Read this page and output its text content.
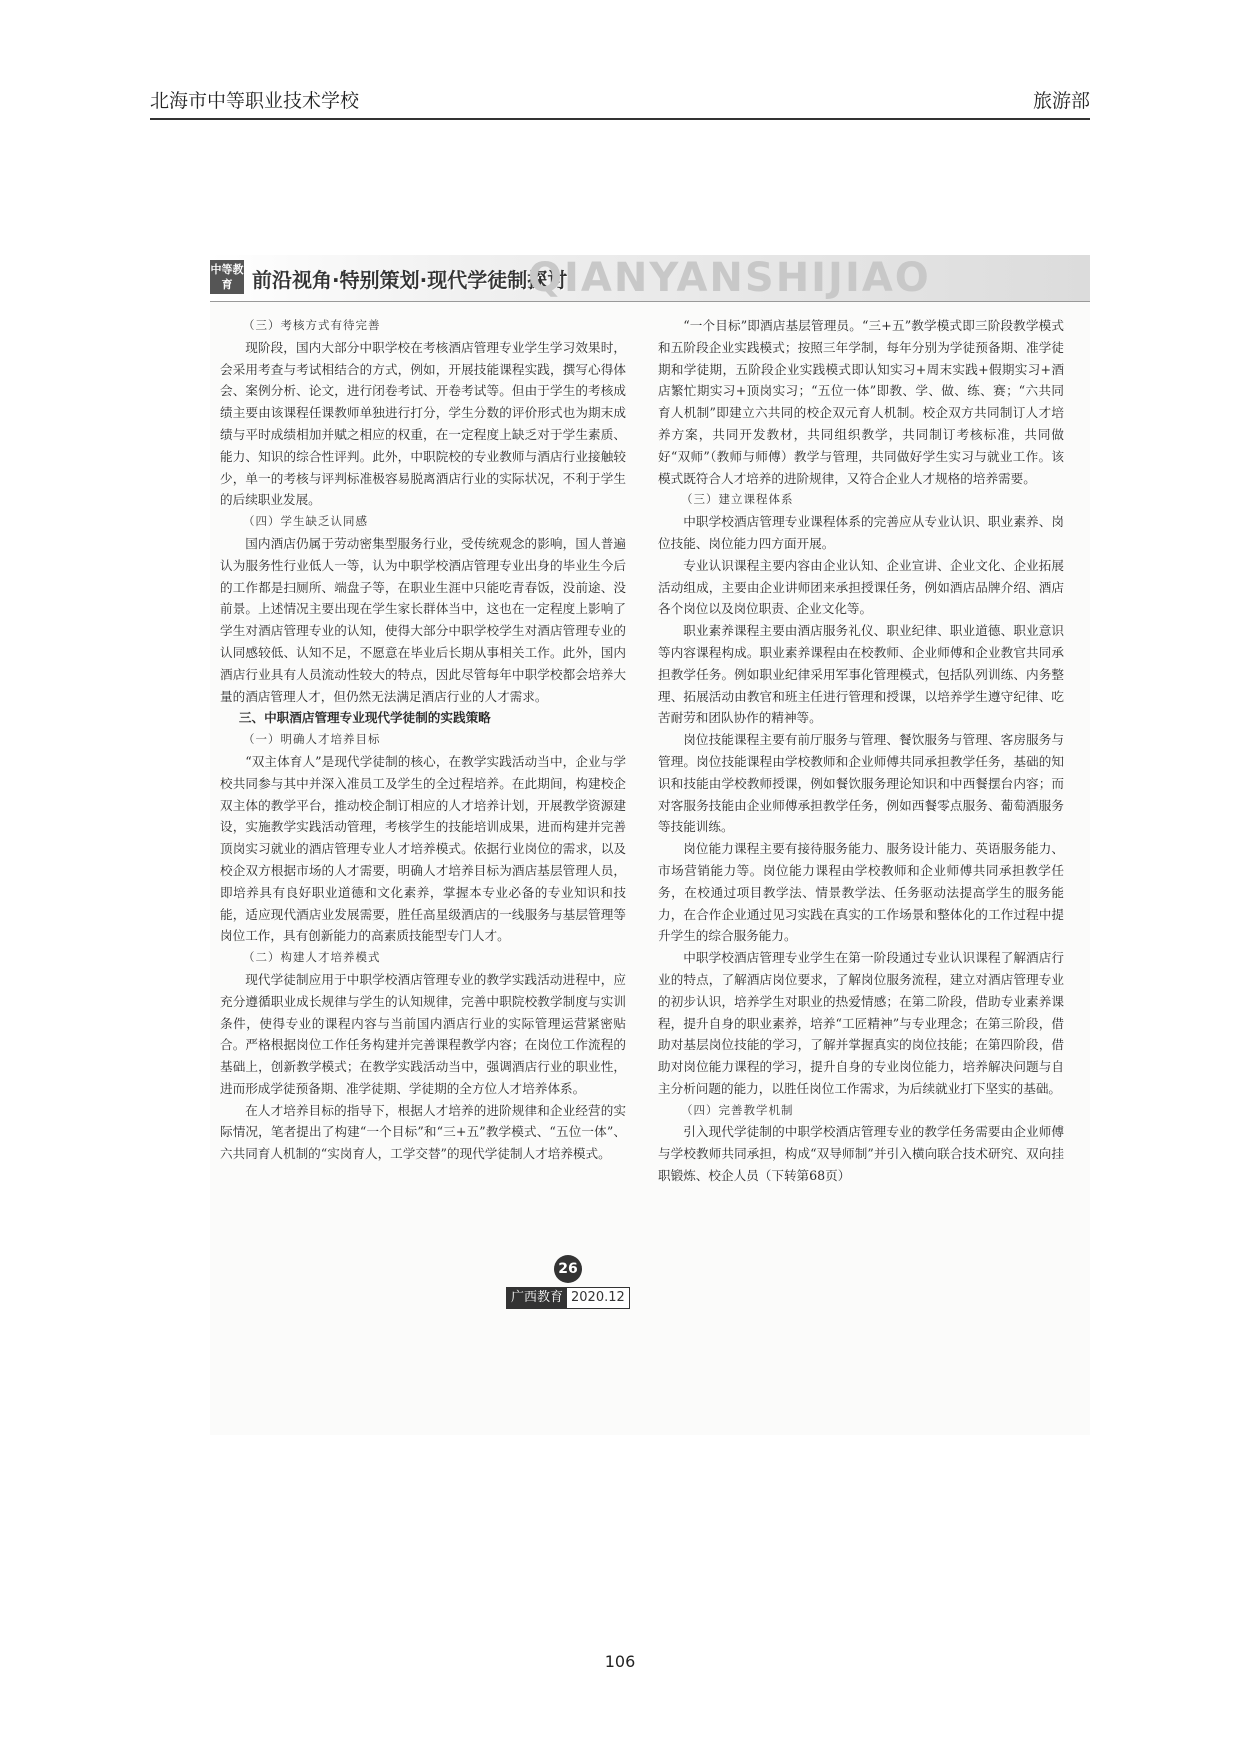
北海市中等职业技术学校	旅游部
中等教育 前沿视角·特别策划·现代学徒制探讨
QIANYANSHIJIAO

（三）考核方式有待完善

现阶段，国内大部分中职学校在考核酒店管理专业学生学习效果时，会采用考查与考试相结合的方式，例如，开展技能课程实践，撰写心得体会、案例分析、论文，进行闭卷考试、开卷考试等。但由于学生的考核成绩主要由该课程任课教师单独进行打分，学生分数的评价形式也为期末成绩与平时成绩相加并赋之相应的权重，在一定程度上缺乏对于学生素质、能力、知识的综合性评判。此外，中职院校的专业教师与酒店行业接触较少，单一的考核与评判标准极容易脱离酒店行业的实际状况，不利于学生的后续职业发展。

（四）学生缺乏认同感

国内酒店仍属于劳动密集型服务行业，受传统观念的影响，国人普遍认为服务性行业低人一等，认为中职学校酒店管理专业出身的毕业生今后的工作都是扫厕所、端盘子等，在职业生涯中只能吃青春饭，没前途、没前景。上述情况主要出现在学生家长群体当中，这也在一定程度上影响了学生对酒店管理专业的认知，使得大部分中职学校学生对酒店管理专业的认同感较低、认知不足，不愿意在毕业后长期从事相关工作。此外，国内酒店行业具有人员流动性较大的特点，因此尽管每年中职学校都会培养大量的酒店管理人才，但仍然无法满足酒店行业的人才需求。

三、中职酒店管理专业现代学徒制的实践策略

（一）明确人才培养目标

“双主体育人”是现代学徒制的核心，在教学实践活动当中，企业与学校共同参与其中并深入准员工及学生的全过程培养。在此期间，构建校企双主体的教学平台，推动校企制订相应的人才培养计划，开展教学资源建设，实施教学实践活动管理，考核学生的技能培训成果，进而构建并完善顶岗实习就业的酒店管理专业人才培养模式。依据行业岗位的需求，以及校企双方根据市场的人才需要，明确人才培养目标为酒店基层管理人员，即培养具有良好职业道德和文化素养，掌握本专业必备的专业知识和技能，适应现代酒店业发展需要，胜任高星级酒店的一线服务与基层管理等岗位工作，具有创新能力的高素质技能型专门人才。

（二）构建人才培养模式

现代学徒制应用于中职学校酒店管理专业的教学实践活动进程中，应充分遵循职业成长规律与学生的认知规律，完善中职院校教学制度与实训条件，使得专业的课程内容与当前国内酒店行业的实际管理运营紧密贴合。严格根据岗位工作任务构建并完善课程教学内容；在岗位工作流程的基础上，创新教学模式；在教学实践活动当中，强调酒店行业的职业性，进而形成学徒预备期、准学徒期、学徒期的全方位人才培养体系。

在人才培养目标的指导下，根据人才培养的进阶规律和企业经营的实际情况，笔者提出了构建“一个目标”和“三+五”教学模式、“五位一体”、六共同育人机制的“实岗育人，工学交替”的现代学徒制人才培养模式。

“一个目标”即酒店基层管理员。“三+五”教学模式即三阶段教学模式和五阶段企业实践模式；按照三年学制，每年分别为学徒预备期、准学徒期和学徒期，五阶段企业实践模式即认知实习+周末实践+假期实习+酒店繁忙期实习+顶岗实习；“五位一体”即教、学、做、练、赛；“六共同育人机制”即建立六共同的校企双元育人机制。校企双方共同制订人才培养方案，共同开发教材，共同组织教学，共同制订考核标准，共同做好“双师”（教师与师傅）教学与管理，共同做好学生实习与就业工作。该模式既符合人才培养的进阶规律，又符合企业人才规格的培养需要。

（三）建立课程体系

中职学校酒店管理专业课程体系的完善应从专业认识、职业素养、岗位技能、岗位能力四方面开展。

专业认识课程主要内容由企业认知、企业宣讲、企业文化、企业拓展活动组成，主要由企业讲师团来承担授课任务，例如酒店品牌介绍、酒店各个岗位以及岗位职责、企业文化等。

职业素养课程主要由酒店服务礼仪、职业纪律、职业道德、职业意识等内容课程构成。职业素养课程由在校教师、企业师傅和企业教官共同承担教学任务。例如职业纪律采用军事化管理模式，包括队列训练、内务整理、拓展活动由教官和班主任进行管理和授课，以培养学生遵守纪律、吃苦耐劳和团队协作的精神等。

岗位技能课程主要有前厅服务与管理、餐饮服务与管理、客房服务与管理。岗位技能课程由学校教师和企业师傅共同承担教学任务，基础的知识和技能由学校教师授课，例如餐饮服务理论知识和中西餐摆台内容；而对客服务技能由企业师傅承担教学任务，例如西餐零点服务、葡萄酒服务等技能训练。

岗位能力课程主要有接待服务能力、服务设计能力、英语服务能力、市场营销能力等。岗位能力课程由学校教师和企业师傅共同承担教学任务，在校通过项目教学法、情景教学法、任务驱动法提高学生的服务能力，在合作企业通过见习实践在真实的工作场景和整体化的工作过程中提升学生的综合服务能力。

中职学校酒店管理专业学生在第一阶段通过专业认识课程了解酒店行业的特点，了解酒店岗位要求，了解岗位服务流程，建立对酒店管理专业的初步认识，培养学生对职业的热爱情感；在第二阶段，借助专业素养课程，提升自身的职业素养，培养“工匠精神”与专业理念；在第三阶段，借助对基层岗位技能的学习，了解并掌握真实的岗位技能；在第四阶段，借助对岗位能力课程的学习，提升自身的专业岗位能力，培养解决问题与自主分析问题的能力，以胜任岗位工作需求，为后续就业打下坚实的基础。

（四）完善教学机制

引入现代学徒制的中职学校酒店管理专业的教学任务需要由企业师傅与学校教师共同承担，构成“双导师制”并引入横向联合技术研究、双向挂职锻炼、校企人员（下转第68页）

26
广西教育 2020.12
106
